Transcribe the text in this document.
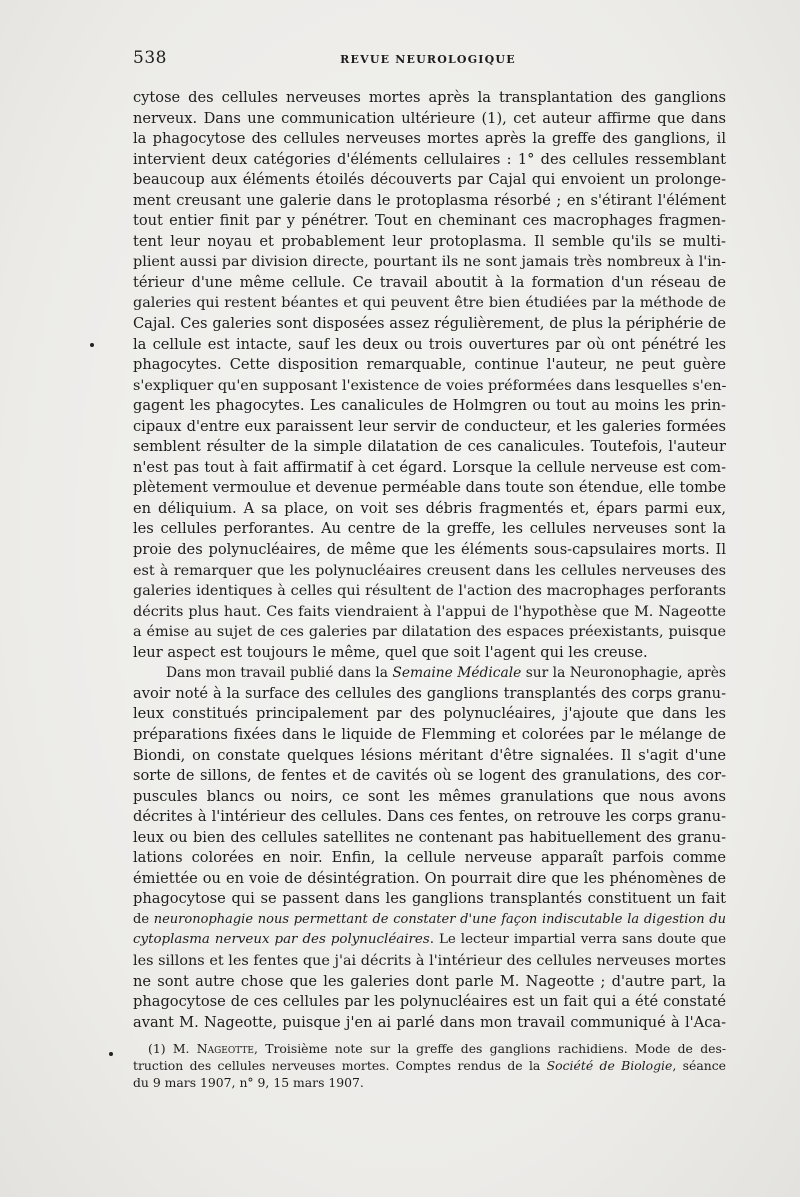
538	REVUE NEUROLOGIQUE
cytose des cellules nerveuses mortes après la transplantation des ganglions
nerveux. Dans une communication ultérieure (1), cet auteur affirme que dans
la phagocytose des cellules nerveuses mortes après la greffe des ganglions, il
intervient deux catégories d'éléments cellulaires : 1° des cellules ressemblant
beaucoup aux éléments étoilés découverts par Cajal qui envoient un prolonge-
ment creusant une galerie dans le protoplasma résorbé ; en s'étirant l'élément
tout entier finit par y pénétrer. Tout en cheminant ces macrophages fragmen-
tent leur noyau et probablement leur protoplasma. Il semble qu'ils se multi-
plient aussi par division directe, pourtant ils ne sont jamais très nombreux à l'in-
térieur d'une même cellule. Ce travail aboutit à la formation d'un réseau de
galeries qui restent béantes et qui peuvent être bien étudiées par la méthode de
Cajal. Ces galeries sont disposées assez régulièrement, de plus la périphérie de
la cellule est intacte, sauf les deux ou trois ouvertures par où ont pénétré les
phagocytes. Cette disposition remarquable, continue l'auteur, ne peut guère
s'expliquer qu'en supposant l'existence de voies préformées dans lesquelles s'en-
gagent les phagocytes. Les canalicules de Holmgren ou tout au moins les prin-
cipaux d'entre eux paraissent leur servir de conducteur, et les galeries formées
semblent résulter de la simple dilatation de ces canalicules. Toutefois, l'auteur
n'est pas tout à fait affirmatif à cet égard. Lorsque la cellule nerveuse est com-
plètement vermoulue et devenue perméable dans toute son étendue, elle tombe
en déliquium. A sa place, on voit ses débris fragmentés et, épars parmi eux,
les cellules perforantes. Au centre de la greffe, les cellules nerveuses sont la
proie des polynucléaires, de même que les éléments sous-capsulaires morts. Il
est à remarquer que les polynucléaires creusent dans les cellules nerveuses des
galeries identiques à celles qui résultent de l'action des macrophages perforants
décrits plus haut. Ces faits viendraient à l'appui de l'hypothèse que M. Nageotte
a émise au sujet de ces galeries par dilatation des espaces préexistants, puisque
leur aspect est toujours le même, quel que soit l'agent qui les creuse.
Dans mon travail publié dans la Semaine Médicale sur la Neuronophagie, après
avoir noté à la surface des cellules des ganglions transplantés des corps granu-
leux constitués principalement par des polynucléaires, j'ajoute que dans les
préparations fixées dans le liquide de Flemming et colorées par le mélange de
Biondi, on constate quelques lésions méritant d'être signalées. Il s'agit d'une
sorte de sillons, de fentes et de cavités où se logent des granulations, des cor-
puscules blancs ou noirs, ce sont les mêmes granulations que nous avons
décrites à l'intérieur des cellules. Dans ces fentes, on retrouve les corps granu-
leux ou bien des cellules satellites ne contenant pas habituellement des granu-
lations colorées en noir. Enfin, la cellule nerveuse apparaît parfois comme
émiettée ou en voie de désintégration. On pourrait dire que les phénomènes de
phagocytose qui se passent dans les ganglions transplantés constituent un fait
de neuronophagie nous permettant de constater d'une façon indiscutable la digestion du
cytoplasma nerveux par des polynucléaires. Le lecteur impartial verra sans doute que
les sillons et les fentes que j'ai décrits à l'intérieur des cellules nerveuses mortes
ne sont autre chose que les galeries dont parle M. Nageotte ; d'autre part, la
phagocytose de ces cellules par les polynucléaires est un fait qui a été constaté
avant M. Nageotte, puisque j'en ai parlé dans mon travail communiqué à l'Aca-
(1) M. Nageotte, Troisième note sur la greffe des ganglions rachidiens. Mode de des-
truction des cellules nerveuses mortes. Comptes rendus de la Société de Biologie, séance
du 9 mars 1907, n° 9, 15 mars 1907.
